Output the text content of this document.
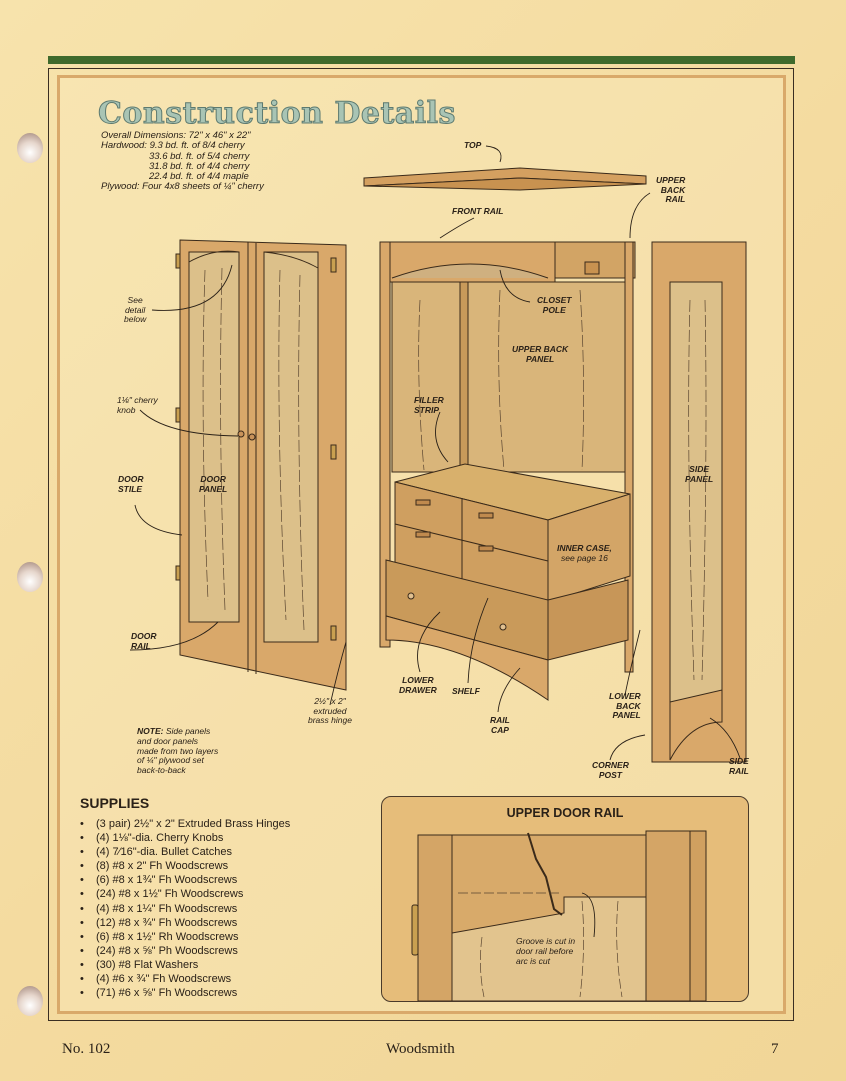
Construction Details
Overall Dimensions: 72" x 46" x 22"
Hardwood: 9.3 bd. ft. of 8/4 cherry
33.6 bd. ft. of 5/4 cherry
31.8 bd. ft. of 4/4 cherry
22.4 bd. ft. of 4/4 maple
Plywood: Four 4x8 sheets of ¼" cherry
TOP
UPPER
BACK
RAIL
FRONT RAIL
CLOSET
POLE
UPPER BACK
PANEL
FILLER
STRIP
See
detail
below
1⅛" cherry
knob
DOOR
STILE
DOOR
PANEL
DOOR
RAIL
SIDE
PANEL
INNER CASE,
see page 16
2½" x 2"
extruded
brass hinge
LOWER
DRAWER SHELF
RAIL
CAP
LOWER
BACK
PANEL
CORNER
POST
SIDE
RAIL
NOTE: Side panels
and door panels
made from two layers
of ¼" plywood set
back-to-back
SUPPLIES
• (3 pair) 2½" x 2" Extruded Brass Hinges
• (4) 1⅛"-dia. Cherry Knobs
• (4) 7⁄16"-dia. Bullet Catches
• (8) #8 x 2" Fh Woodscrews
• (6) #8 x 1¾" Fh Woodscrews
• (24) #8 x 1½" Fh Woodscrews
• (4) #8 x 1¼" Fh Woodscrews
• (12) #8 x ¾" Fh Woodscrews
• (6) #8 x 1½" Rh Woodscrews
• (24) #8 x ⅝" Ph Woodscrews
• (30) #8 Flat Washers
• (4) #6 x ¾" Fh Woodscrews
• (71) #6 x ⅝" Fh Woodscrews
UPPER DOOR RAIL
Groove is cut in
door rail before
arc is cut
No. 102	Woodsmith	7
